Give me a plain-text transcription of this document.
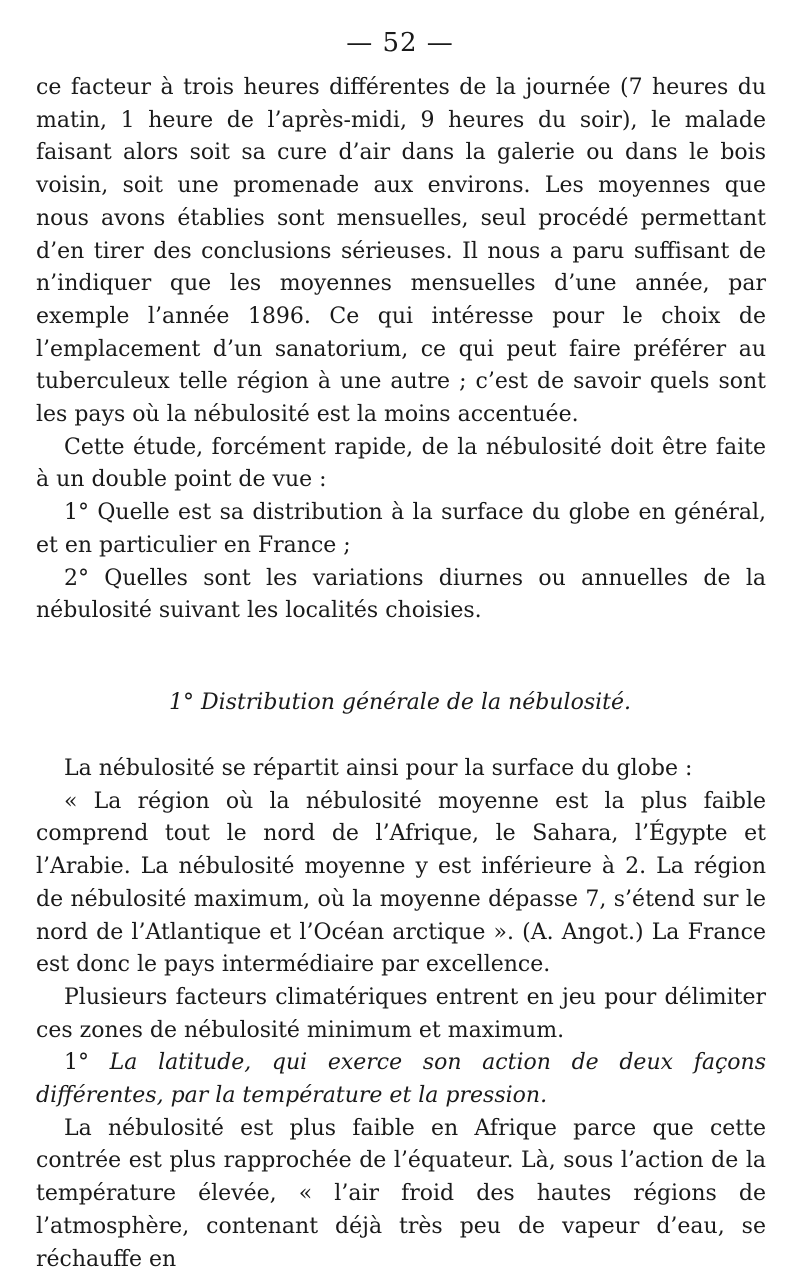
— 52 —

ce facteur à trois heures différentes de la journée (7 heures du matin, 1 heure de l’après-midi, 9 heures du soir), le malade faisant alors soit sa cure d’air dans la galerie ou dans le bois voisin, soit une promenade aux environs. Les moyennes que nous avons établies sont mensuelles, seul procédé permettant d’en tirer des conclusions sérieuses. Il nous a paru suffisant de n’indiquer que les moyennes mensuelles d’une année, par exemple l’année 1896. Ce qui intéresse pour le choix de l’emplacement d’un sanatorium, ce qui peut faire préférer au tuberculeux telle région à une autre ; c’est de savoir quels sont les pays où la nébulosité est la moins accentuée.

Cette étude, forcément rapide, de la nébulosité doit être faite à un double point de vue :

1° Quelle est sa distribution à la surface du globe en général, et en particulier en France ;

2° Quelles sont les variations diurnes ou annuelles de la nébulosité suivant les localités choisies.

1° Distribution générale de la nébulosité.

La nébulosité se répartit ainsi pour la surface du globe :

« La région où la nébulosité moyenne est la plus faible comprend tout le nord de l’Afrique, le Sahara, l’Égypte et l’Arabie. La nébulosité moyenne y est inférieure à 2. La région de nébulosité maximum, où la moyenne dépasse 7, s’étend sur le nord de l’Atlantique et l’Océan arctique ». (A. Angot.) La France est donc le pays intermédiaire par excellence.

Plusieurs facteurs climatériques entrent en jeu pour délimiter ces zones de nébulosité minimum et maximum.

1° La latitude, qui exerce son action de deux façons différentes, par la température et la pression.

La nébulosité est plus faible en Afrique parce que cette contrée est plus rapprochée de l’équateur. Là, sous l’action de la température élevée, « l’air froid des hautes régions de l’atmosphère, contenant déjà très peu de vapeur d’eau, se réchauffe en
